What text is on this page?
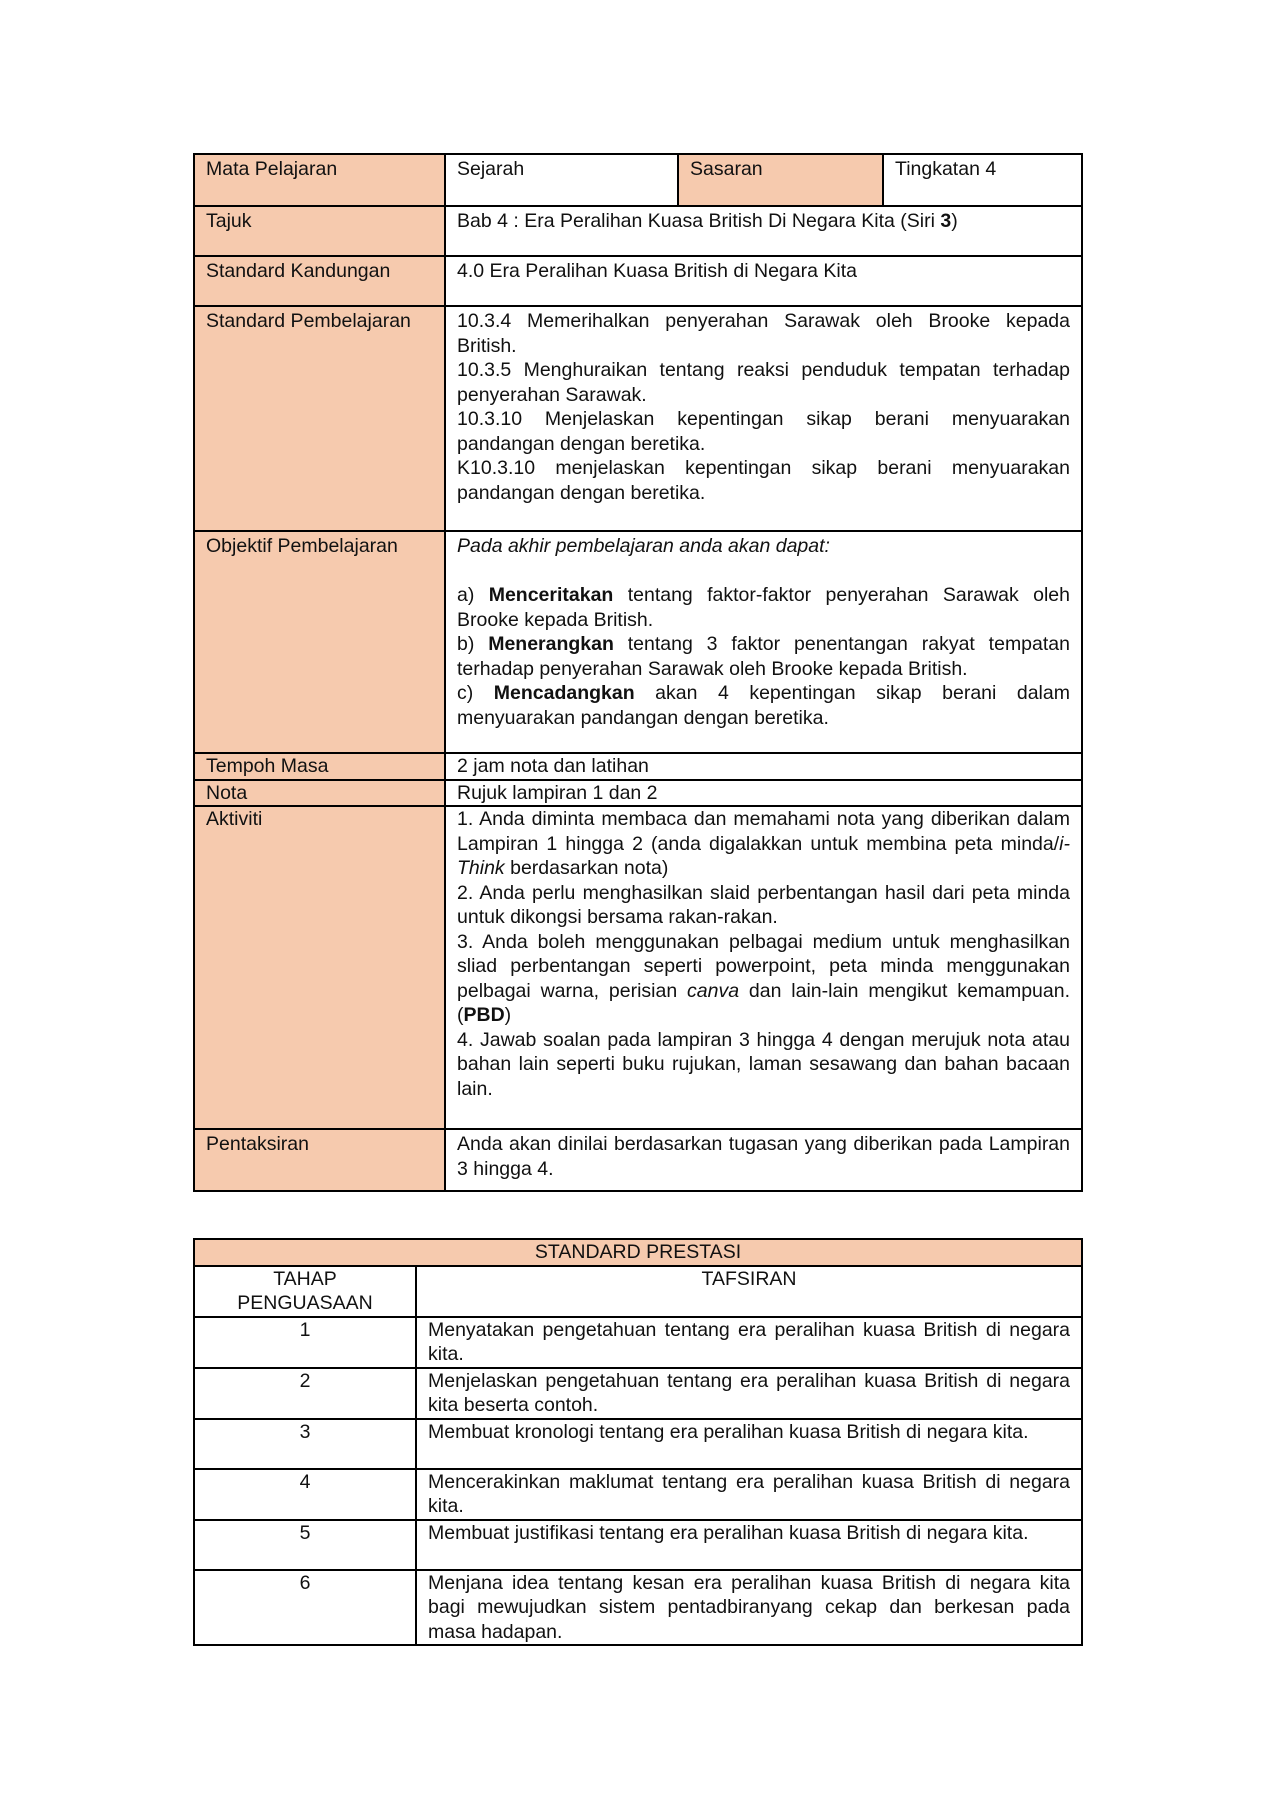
Mata Pelajaran	Sejarah	Sasaran	Tingkatan 4
Tajuk	Bab 4 : Era Peralihan Kuasa British Di Negara Kita (Siri 3)		
Standard Kandungan	4.0 Era Peralihan Kuasa British di Negara Kita		
Standard Pembelajaran	10.3.4 Memerihalkan penyerahan Sarawak oleh Brooke kepada British.
10.3.5 Menghuraikan tentang reaksi penduduk tempatan terhadap penyerahan Sarawak.
10.3.10 Menjelaskan kepentingan sikap berani menyuarakan pandangan dengan beretika.
K10.3.10 menjelaskan kepentingan sikap berani menyuarakan pandangan dengan beretika.		

Objektif Pembelajaran	Pada akhir pembelajaran anda akan dapat:
a) Menceritakan tentang faktor-faktor penyerahan Sarawak oleh Brooke kepada British.
b) Menerangkan tentang 3 faktor penentangan rakyat tempatan terhadap penyerahan Sarawak oleh Brooke kepada British.
c) Mencadangkan akan 4 kepentingan sikap berani dalam menyuarakan pandangan dengan beretika.		

Tempoh Masa	2 jam nota dan latihan		
Nota	Rujuk lampiran 1 dan 2		
Aktiviti	1. Anda diminta membaca dan memahami nota yang diberikan dalam Lampiran 1 hingga 2 (anda digalakkan untuk membina peta minda/i-Think berdasarkan nota)
2. Anda perlu menghasilkan slaid perbentangan hasil dari peta minda untuk dikongsi bersama rakan-rakan.
3. Anda boleh menggunakan pelbagai medium untuk menghasilkan sliad perbentangan seperti powerpoint, peta minda menggunakan pelbagai warna, perisian canva dan lain-lain mengikut kemampuan.(PBD)
4. Jawab soalan pada lampiran 3 hingga 4 dengan merujuk nota atau bahan lain seperti buku rujukan, laman sesawang dan bahan bacaan lain.		

Pentaksiran	Anda akan dinilai berdasarkan tugasan yang diberikan pada Lampiran 3 hingga 4.		
STANDARD PRESTASI	
TAHAP PENGUASAAN	TAFSIRAN
1	Menyatakan pengetahuan tentang era peralihan kuasa British di negara kita.
2	Menjelaskan pengetahuan tentang era peralihan kuasa British di negara kita beserta contoh.
3	Membuat kronologi tentang era peralihan kuasa British di negara kita.
4	Mencerakinkan maklumat tentang era peralihan kuasa British di negara kita.
5	Membuat justifikasi tentang era peralihan kuasa British di negara kita.
6	Menjana idea tentang kesan era peralihan kuasa British di negara kita bagi mewujudkan sistem pentadbiranyang cekap dan berkesan pada masa hadapan.
